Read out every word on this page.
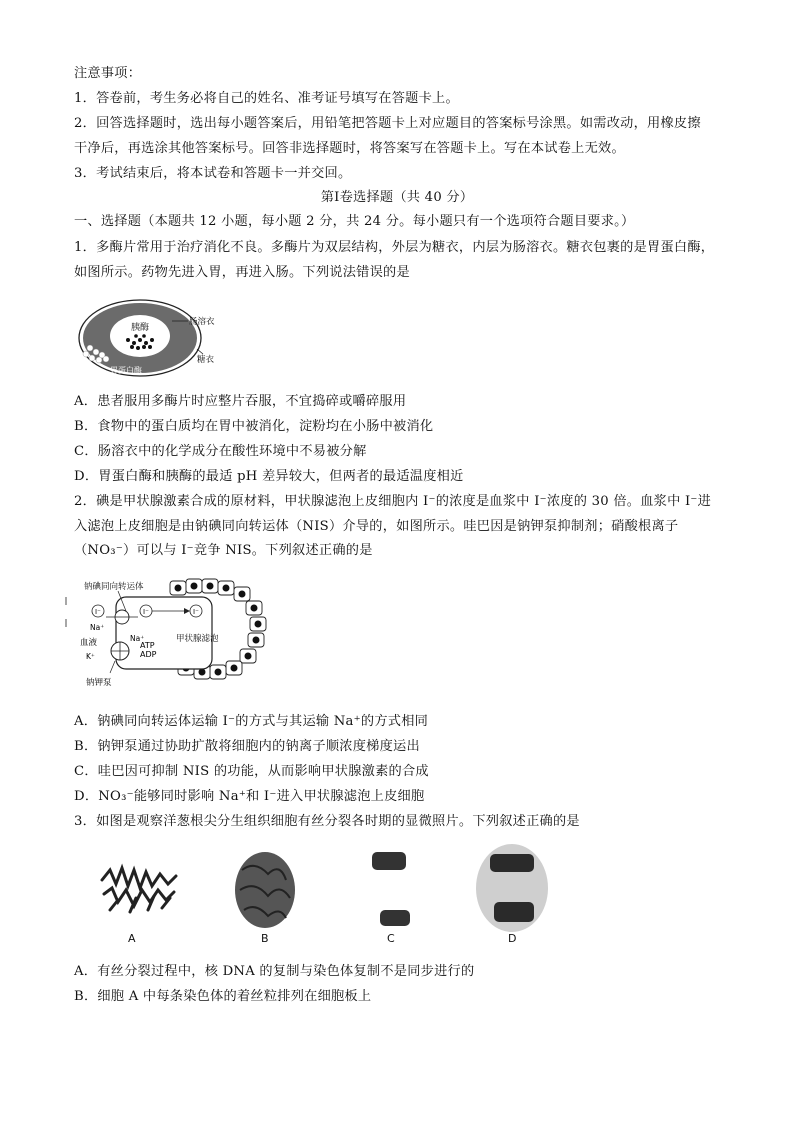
注意事项：
1．答卷前，考生务必将自己的姓名、准考证号填写在答题卡上。
2．回答选择题时，选出每小题答案后，用铅笔把答题卡上对应题目的答案标号涂黑。如需改动，用橡皮擦
干净后，再选涂其他答案标号。回答非选择题时，将答案写在答题卡上。写在本试卷上无效。
3．考试结束后，将本试卷和答题卡一并交回。
第Ⅰ卷选择题（共 40 分）
一、选择题（本题共 12 小题，每小题 2 分，共 24 分。每小题只有一个选项符合题目要求。）
1．多酶片常用于治疗消化不良。多酶片为双层结构，外层为糖衣，内层为肠溶衣。糖衣包裹的是胃蛋白酶，
如图所示。药物先进入胃，再进入肠。下列说法错误的是
胰酶
胃蛋白酶
肠溶衣
糖衣
A．患者服用多酶片时应整片吞服，不宜捣碎或嚼碎服用
B．食物中的蛋白质均在胃中被消化，淀粉均在小肠中被消化
C．肠溶衣中的化学成分在酸性环境中不易被分解
D．胃蛋白酶和胰酶的最适 pH 差异较大，但两者的最适温度相近
2．碘是甲状腺激素合成的原材料，甲状腺滤泡上皮细胞内 I⁻的浓度是血浆中 I⁻浓度的 30 倍。血浆中 I⁻进
入滤泡上皮细胞是由钠碘同向转运体（NIS）介导的，如图所示。哇巴因是钠钾泵抑制剂；硝酸根离子
（NO₃⁻）可以与 I⁻竞争 NIS。下列叙述正确的是
甲状腺滤泡
钠碘同向转运体
I⁻	I⁻	I⁻
Na⁺
Na⁺
ATP
ADP
血液
K⁺
钠钾泵
A．钠碘同向转运体运输 I⁻的方式与其运输 Na⁺的方式相同
B．钠钾泵通过协助扩散将细胞内的钠离子顺浓度梯度运出
C．哇巴因可抑制 NIS 的功能，从而影响甲状腺激素的合成
D．NO₃⁻能够同时影响 Na⁺和 I⁻进入甲状腺滤泡上皮细胞
3．如图是观察洋葱根尖分生组织细胞有丝分裂各时期的显微照片。下列叙述正确的是
A	B	C	D
A．有丝分裂过程中，核 DNA 的复制与染色体复制不是同步进行的
B．细胞 A 中每条染色体的着丝粒排列在细胞板上
